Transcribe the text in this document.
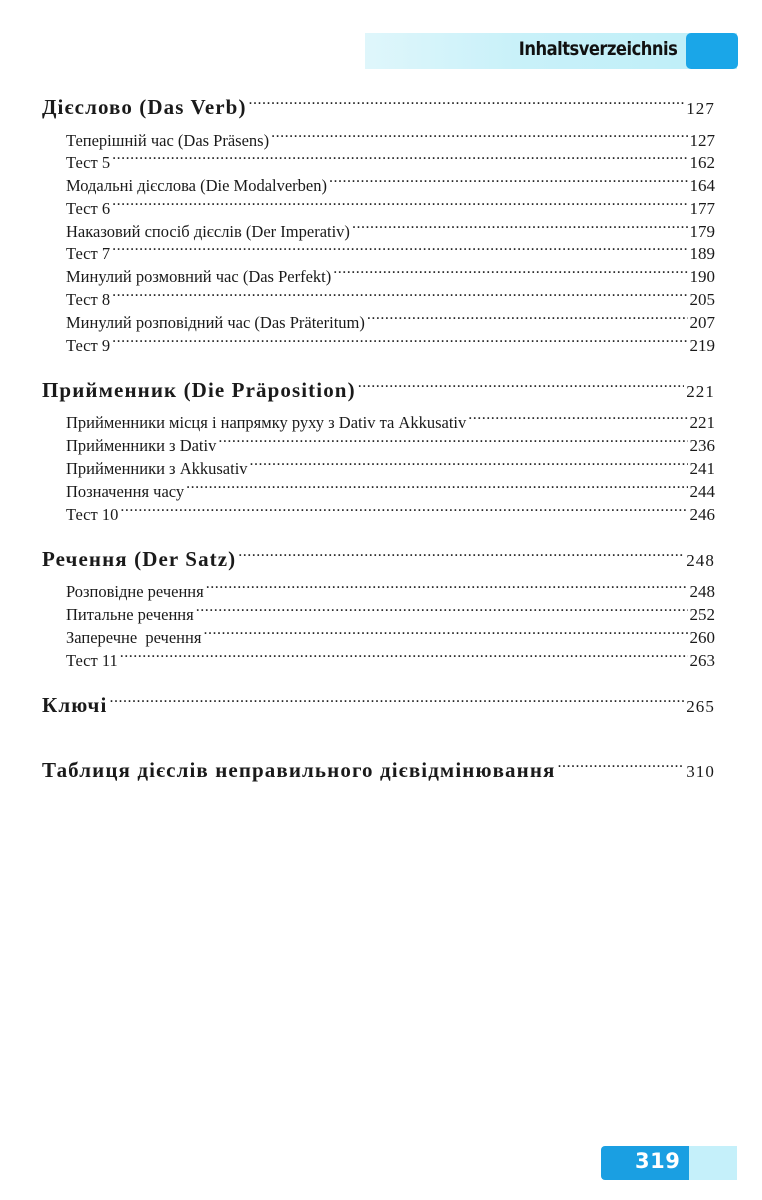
Inhaltsverzeichnis
Дієслово (Das Verb) .....	127
Теперішній час (Das Präsens) .....	127
Тест 5 .....	162
Модальні дієслова (Die Modalverben) .....	164
Тест 6 .....	177
Наказовий спосіб дієслів (Der Imperativ) .....	179
Тест 7 .....	189
Минулий розмовний час (Das Perfekt) .....	190
Тест 8 .....	205
Минулий розповідний час (Das Präteritum) .....	207
Тест 9 .....	219
Прийменник (Die Präposition) .....	221
Прийменники місця і напрямку руху з Dativ та Akkusativ .....	221
Прийменники з Dativ .....	236
Прийменники з Akkusativ .....	241
Позначення часу .....	244
Тест 10 .....	246
Речення (Der Satz) .....	248
Розповідне речення .....	248
Питальне речення .....	252
Заперечне  речення .....	260
Тест 11 .....	263
Ключі .....	265
Таблиця дієслів неправильного дієвідмінювання .....	310
319
